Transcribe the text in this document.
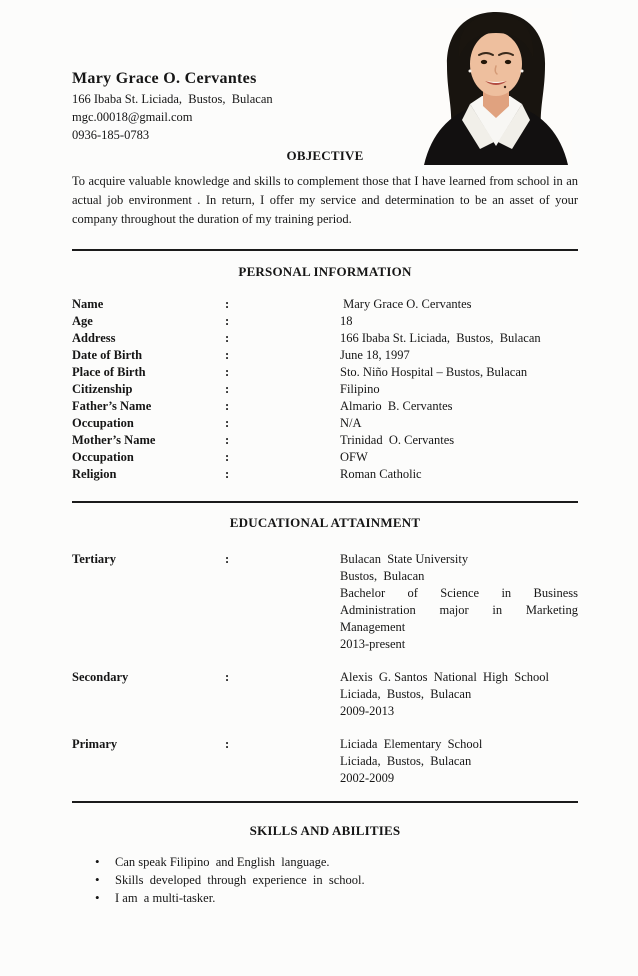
Mary Grace O. Cervantes
166 Ibaba St. Liciada,  Bustos,  Bulacan
mgc.00018@gmail.com
0936-185-0783
OBJECTIVE

To acquire valuable knowledge and skills to complement those that I have learned from school in an actual job environment . In return, I offer my service and determination to be an asset of your company throughout the duration of my training period.

PERSONAL INFORMATION
Name	:	Mary Grace O. Cervantes
Age	:	18
Address	:	166 Ibaba St. Liciada,  Bustos,  Bulacan
Date of Birth	:	June 18, 1997
Place of Birth	:	Sto. Niño Hospital – Bustos, Bulacan
Citizenship	:	Filipino
Father’s Name	:	Almario  B. Cervantes
Occupation	:	N/A
Mother’s Name	:	Trinidad  O. Cervantes
Occupation	:	OFW
Religion	:	Roman Catholic
EDUCATIONAL ATTAINMENT
Tertiary	:	Bulacan  State University
Bustos,  Bulacan
Bachelor of Science in Business
Administration major in Marketing
Management
2013-present
Secondary	:	Alexis  G. Santos  National  High  School
Liciada,  Bustos,  Bulacan
2009-2013
Primary	:	Liciada  Elementary  School
Liciada,  Bustos,  Bulacan
2002-2009
SKILLS AND ABILITIES
• Can speak Filipino  and English  language.
• Skills  developed  through  experience  in  school.
• I am  a multi-tasker.
